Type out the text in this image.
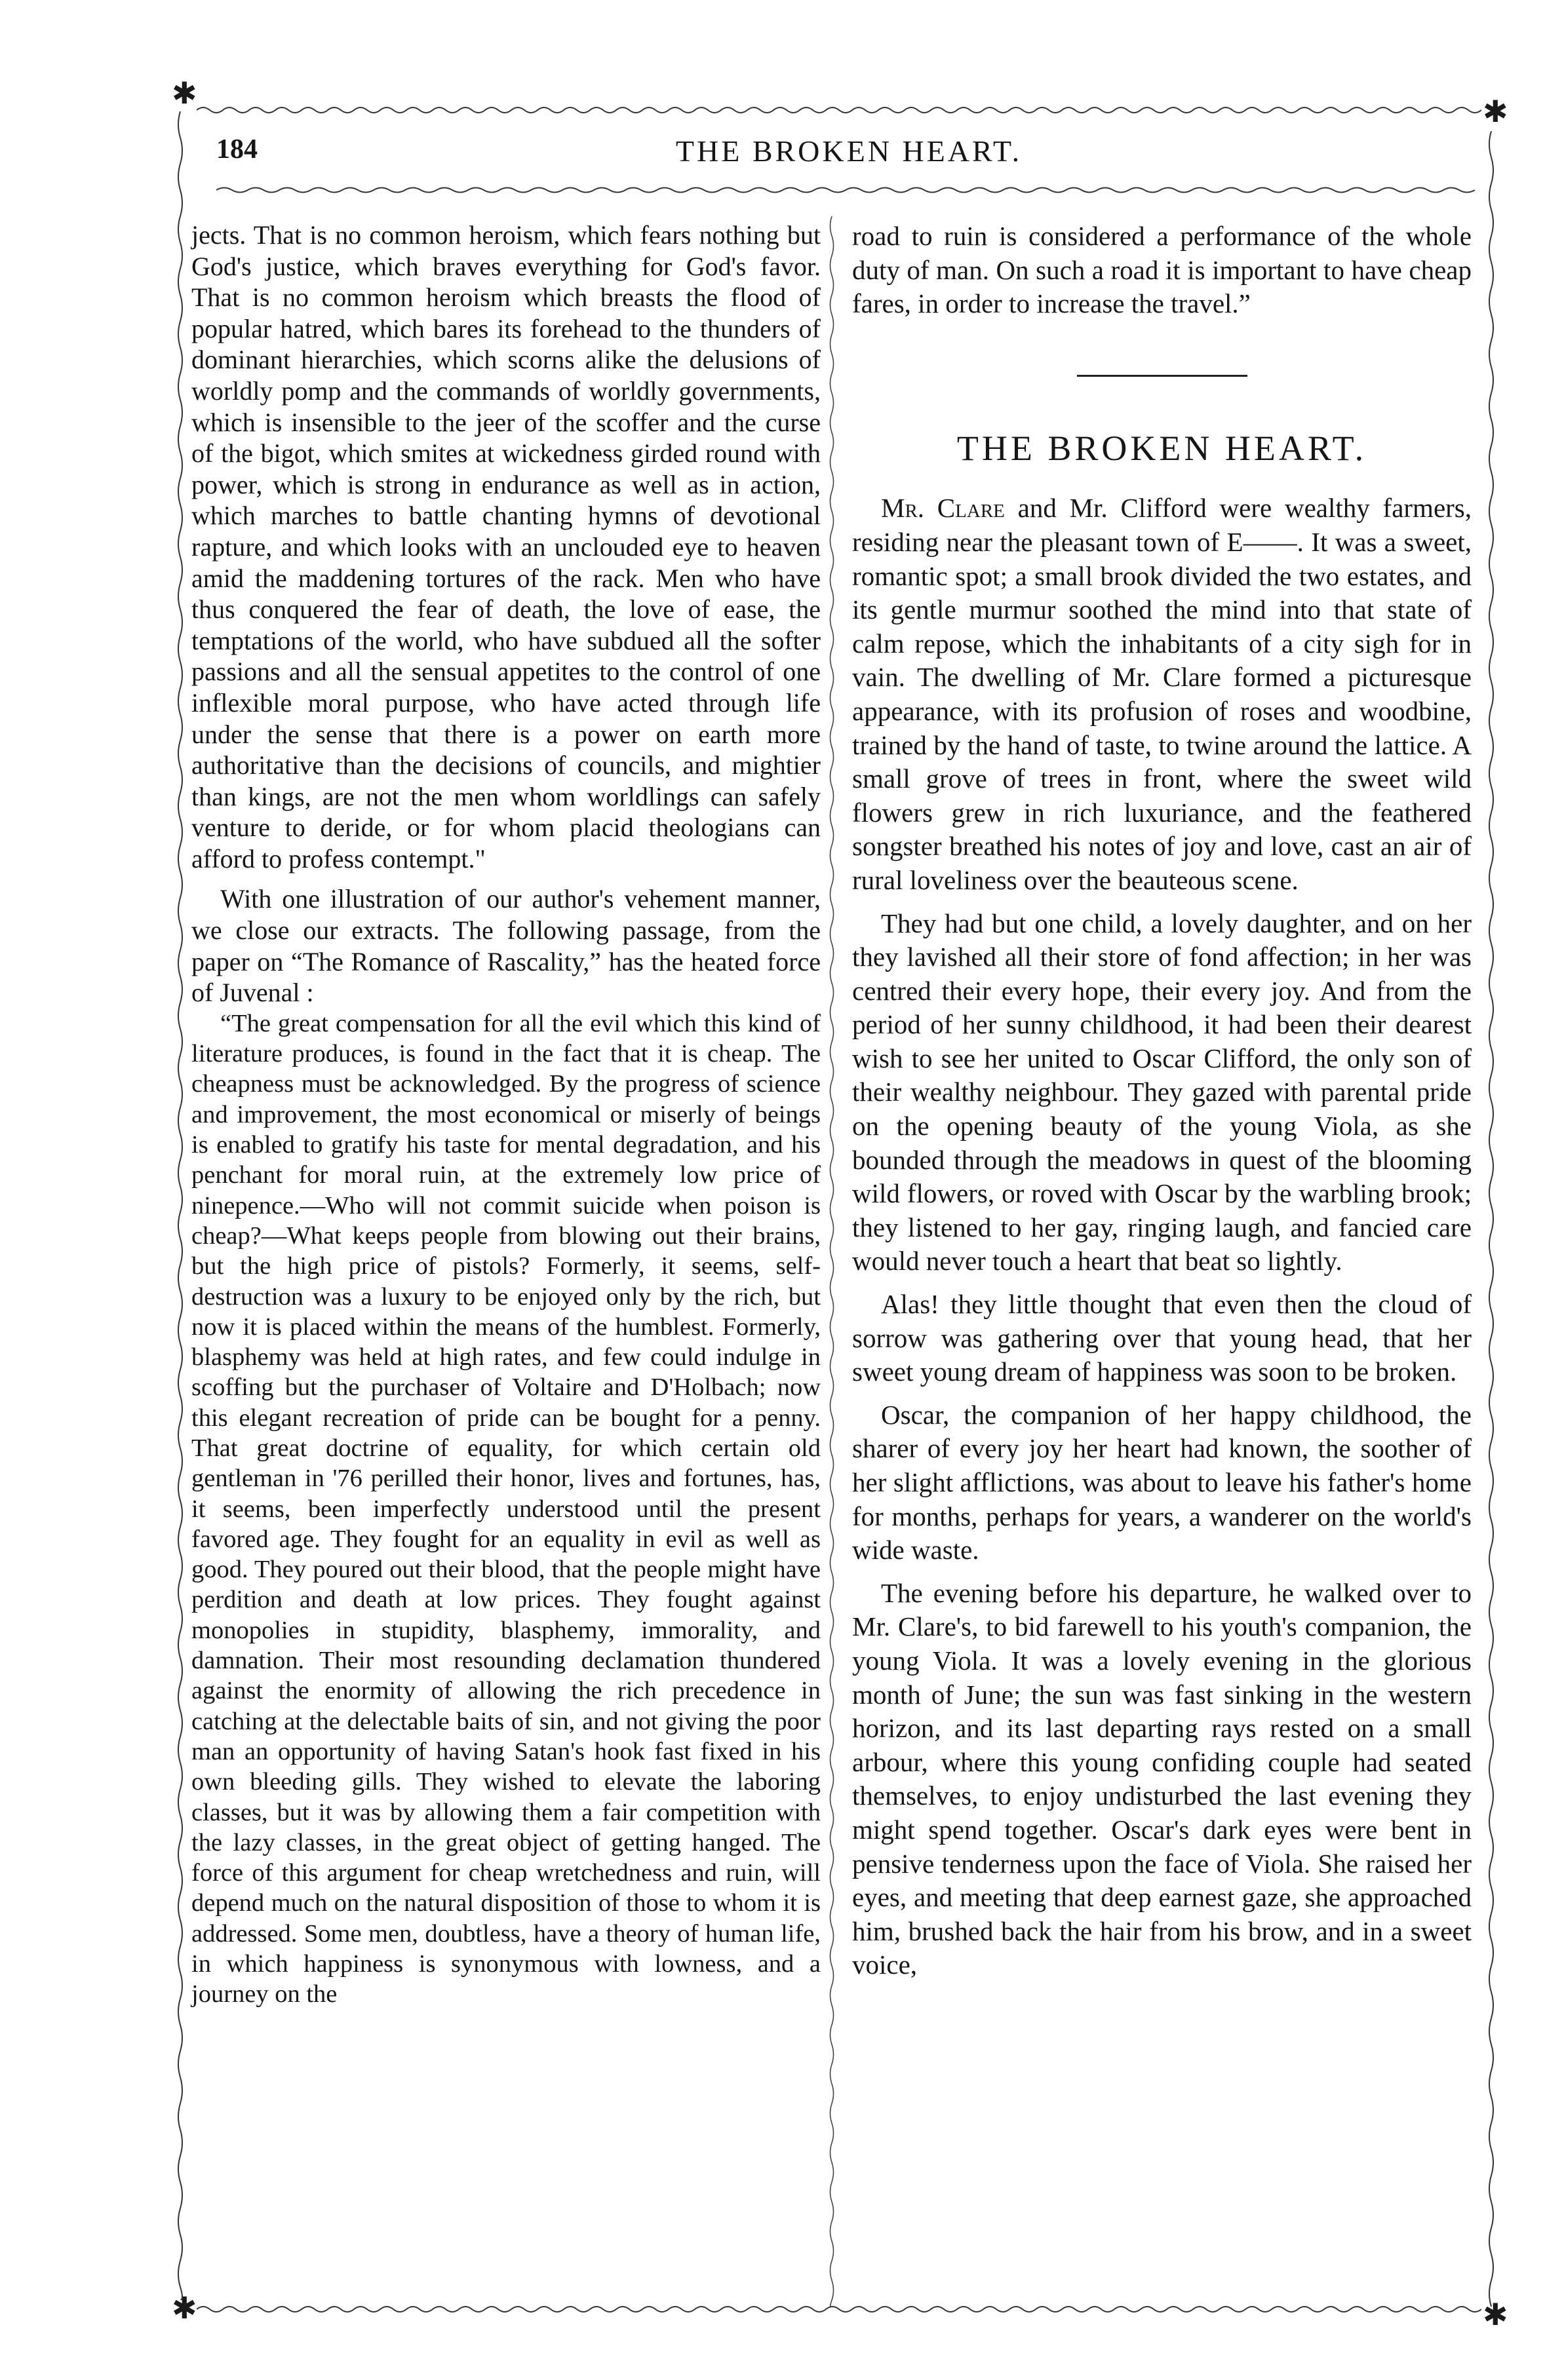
✱
✱
✱	✱
184	THE BROKEN HEART.

jects. That is no common heroism, which fears nothing but God's justice, which braves everything for God's favor. That is no common heroism which breasts the flood of popular hatred, which bares its forehead to the thunders of dominant hierarchies, which scorns alike the delusions of worldly pomp and the commands of worldly governments, which is insensible to the jeer of the scoffer and the curse of the bigot, which smites at wickedness girded round with power, which is strong in endurance as well as in action, which marches to battle chanting hymns of devotional rapture, and which looks with an unclouded eye to heaven amid the maddening tortures of the rack. Men who have thus conquered the fear of death, the love of ease, the temptations of the world, who have subdued all the softer passions and all the sensual appetites to the control of one inflexible moral purpose, who have acted through life under the sense that there is a power on earth more authoritative than the decisions of councils, and mightier than kings, are not the men whom worldlings can safely venture to deride, or for whom placid theologians can afford to profess contempt."

With one illustration of our author's vehement manner, we close our extracts. The following passage, from the paper on “The Romance of Rascality,” has the heated force of Juvenal :

“The great compensation for all the evil which this kind of literature produces, is found in the fact that it is cheap. The cheapness must be acknowledged. By the progress of science and improvement, the most economical or miserly of beings is enabled to gratify his taste for mental degradation, and his penchant for moral ruin, at the extremely low price of ninepence.—Who will not commit suicide when poison is cheap?—What keeps people from blowing out their brains, but the high price of pistols? Formerly, it seems, self-destruction was a luxury to be enjoyed only by the rich, but now it is placed within the means of the humblest. Formerly, blasphemy was held at high rates, and few could indulge in scoffing but the purchaser of Voltaire and D'Holbach; now this elegant recreation of pride can be bought for a penny. That great doctrine of equality, for which certain old gentleman in '76 perilled their honor, lives and fortunes, has, it seems, been imperfectly understood until the present favored age. They fought for an equality in evil as well as good. They poured out their blood, that the people might have perdition and death at low prices. They fought against monopolies in stupidity, blasphemy, immorality, and damnation. Their most resounding declamation thundered against the enormity of allowing the rich precedence in catching at the delectable baits of sin, and not giving the poor man an opportunity of having Satan's hook fast fixed in his own bleeding gills. They wished to elevate the laboring classes, but it was by allowing them a fair competition with the lazy classes, in the great object of getting hanged. The force of this argument for cheap wretchedness and ruin, will depend much on the natural disposition of those to whom it is addressed. Some men, doubtless, have a theory of human life, in which happiness is synonymous with lowness, and a journey on the

road to ruin is considered a performance of the whole duty of man. On such a road it is important to have cheap fares, in order to increase the travel.”

THE BROKEN HEART.

Mr. Clare and Mr. Clifford were wealthy farmers, residing near the pleasant town of E——. It was a sweet, romantic spot; a small brook divided the two estates, and its gentle murmur soothed the mind into that state of calm repose, which the inhabitants of a city sigh for in vain. The dwelling of Mr. Clare formed a picturesque appearance, with its profusion of roses and woodbine, trained by the hand of taste, to twine around the lattice. A small grove of trees in front, where the sweet wild flowers grew in rich luxuriance, and the feathered songster breathed his notes of joy and love, cast an air of rural loveliness over the beauteous scene.

They had but one child, a lovely daughter, and on her they lavished all their store of fond affection; in her was centred their every hope, their every joy. And from the period of her sunny childhood, it had been their dearest wish to see her united to Oscar Clifford, the only son of their wealthy neighbour. They gazed with parental pride on the opening beauty of the young Viola, as she bounded through the meadows in quest of the blooming wild flowers, or roved with Oscar by the warbling brook; they listened to her gay, ringing laugh, and fancied care would never touch a heart that beat so lightly.

Alas! they little thought that even then the cloud of sorrow was gathering over that young head, that her sweet young dream of happiness was soon to be broken.

Oscar, the companion of her happy childhood, the sharer of every joy her heart had known, the soother of her slight afflictions, was about to leave his father's home for months, perhaps for years, a wanderer on the world's wide waste.

The evening before his departure, he walked over to Mr. Clare's, to bid farewell to his youth's companion, the young Viola. It was a lovely evening in the glorious month of June; the sun was fast sinking in the western horizon, and its last departing rays rested on a small arbour, where this young confiding couple had seated themselves, to enjoy undisturbed the last evening they might spend together. Oscar's dark eyes were bent in pensive tenderness upon the face of Viola. She raised her eyes, and meeting that deep earnest gaze, she approached him, brushed back the hair from his brow, and in a sweet voice,
